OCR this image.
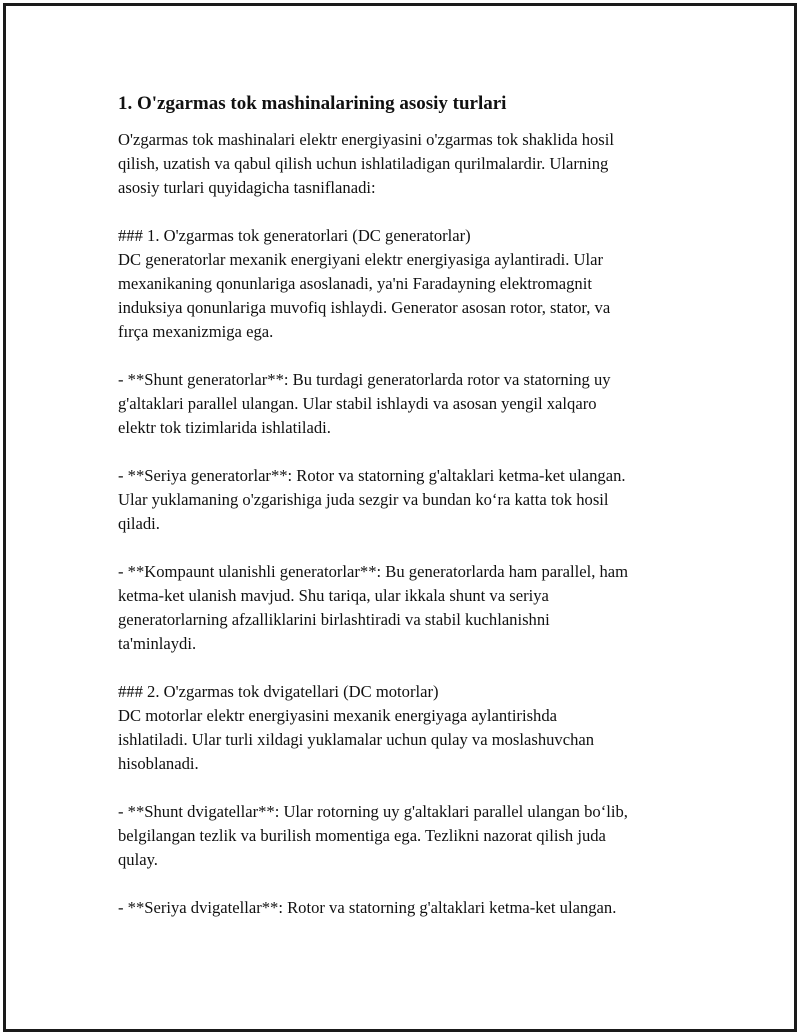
1. O'zgarmas tok mashinalarining asosiy turlari

O'zgarmas tok mashinalari elektr energiyasini o'zgarmas tok shaklida hosil
qilish, uzatish va qabul qilish uchun ishlatiladigan qurilmalardir. Ularning
asosiy turlari quyidagicha tasniflanadi:

### 1. O'zgarmas tok generatorlari (DC generatorlar)
DC generatorlar mexanik energiyani elektr energiyasiga aylantiradi. Ular
mexanikaning qonunlariga asoslanadi, ya'ni Faradayning elektromagnit
induksiya qonunlariga muvofiq ishlaydi. Generator asosan rotor, stator, va
fırça mexanizmiga ega.

- **Shunt generatorlar**: Bu turdagi generatorlarda rotor va statorning uy
g'altaklari parallel ulangan. Ular stabil ishlaydi va asosan yengil xalqaro
elektr tok tizimlarida ishlatiladi.

- **Seriya generatorlar**: Rotor va statorning g'altaklari ketma-ket ulangan.
Ular yuklamaning o'zgarishiga juda sezgir va bundan ko‘ra katta tok hosil
qiladi.

- **Kompaunt ulanishli generatorlar**: Bu generatorlarda ham parallel, ham
ketma-ket ulanish mavjud. Shu tariqa, ular ikkala shunt va seriya
generatorlarning afzalliklarini birlashtiradi va stabil kuchlanishni
ta'minlaydi.

### 2. O'zgarmas tok dvigatellari (DC motorlar)
DC motorlar elektr energiyasini mexanik energiyaga aylantirishda
ishlatiladi. Ular turli xildagi yuklamalar uchun qulay va moslashuvchan
hisoblanadi.

- **Shunt dvigatellar**: Ular rotorning uy g'altaklari parallel ulangan bo‘lib,
belgilangan tezlik va burilish momentiga ega. Tezlikni nazorat qilish juda
qulay.

- **Seriya dvigatellar**: Rotor va statorning g'altaklari ketma-ket ulangan.
